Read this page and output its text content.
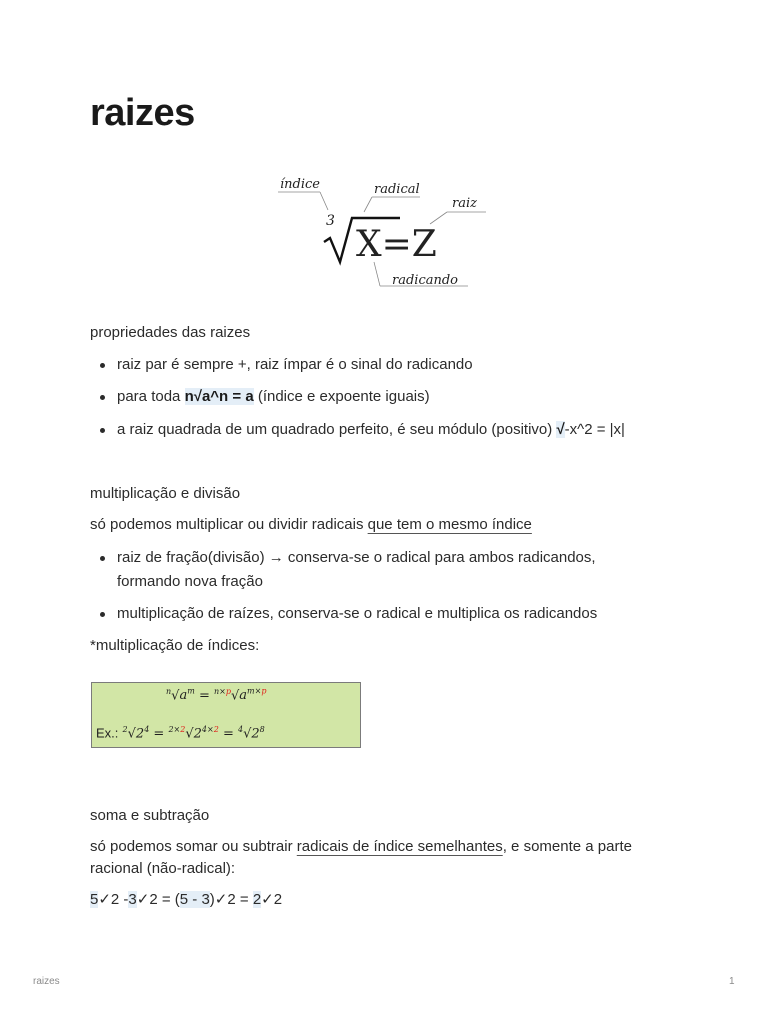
raizes
índice	radical
raiz
3
X=Z
radicando
propriedades das raizes
raiz par é sempre +, raiz ímpar é o sinal do radicando
para toda n√a^n = a (índice e expoente iguais)
a raiz quadrada de um quadrado perfeito, é seu módulo (positivo) √-x^2 = |x|
multiplicação e divisão
só podemos multiplicar ou dividir radicais que tem o mesmo índice
raiz de fração(divisão) → conserva-se o radical para ambos radicandos,
formando nova fração
multiplicação de raízes, conserva-se o radical e multiplica os radicandos
*multiplicação de índices:
$^n√a^m = ^{n\times p}√a^{m\times p}$
Ex.: $^2√2^4 = ^{2\times 2}√2^{4\times 2} = ^4√2^8$
soma e subtração
só podemos somar ou subtrair radicais de índice semelhantes, e somente a parte
racional (não-radical):
5✓2 -3✓2 = (5 - 3)✓2 = 2✓2
raizes	1
